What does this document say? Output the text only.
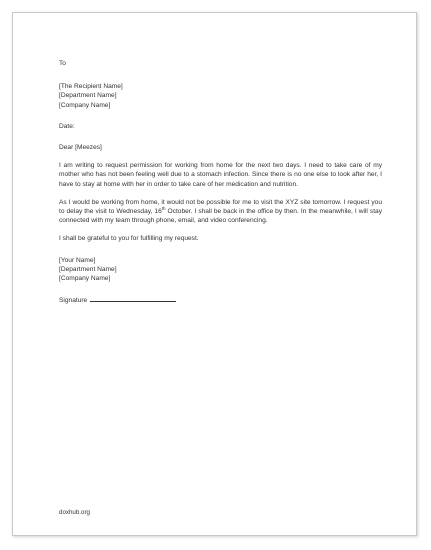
To
[The Recipient Name]
[Department Name]
[Company Name]
Date:
Dear [Meezes]

I am writing to request permission for working from home for the next two days. I need to take care of my mother who has not been feeling well due to a stomach infection. Since there is no one else to look after her, I have to stay at home with her in order to take care of her medication and nutrition.

As I would be working from home, it would not be possible for me to visit the XYZ site tomorrow. I request you to delay the visit to Wednesday, 16th October. I shall be back in the office by then. In the meanwhile, I will stay connected with my team through phone, email, and video conferencing.

I shall be grateful to you for fulfilling my request.
[Your Name]
[Department Name]
[Company Name]
Signature
doxhub.org
